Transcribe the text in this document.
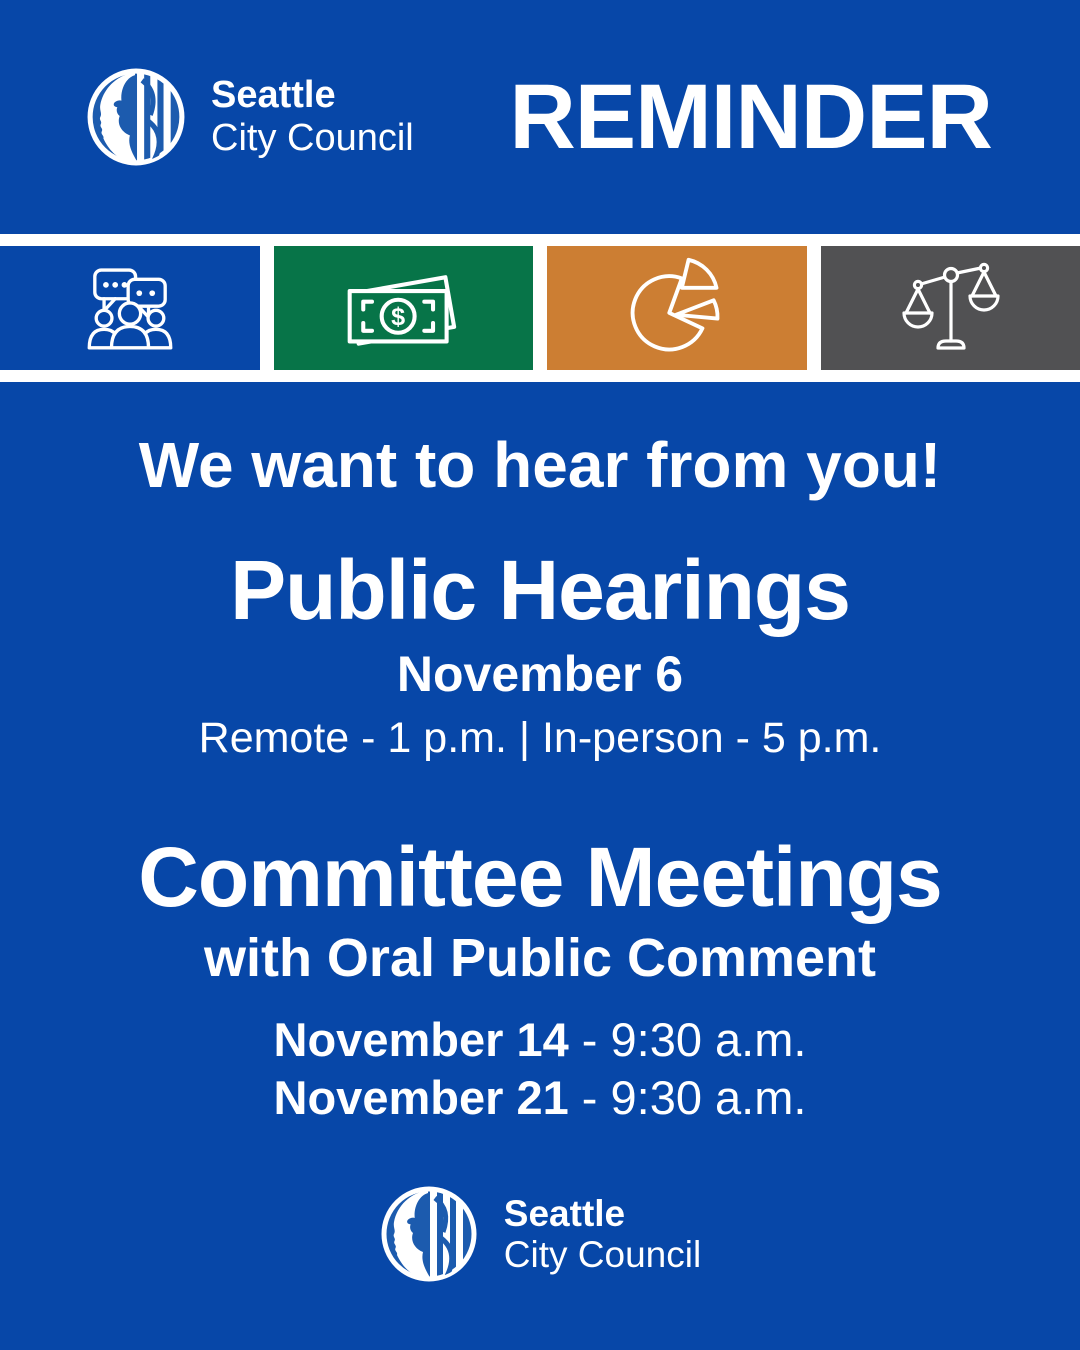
Seattle
City Council REMINDER
$
We want to hear from you!
Public Hearings
November 6
Remote - 1 p.m. | In-person - 5 p.m.
Committee Meetings
with Oral Public Comment
November 14 - 9:30 a.m.
November 21 - 9:30 a.m.
Seattle
City Council
